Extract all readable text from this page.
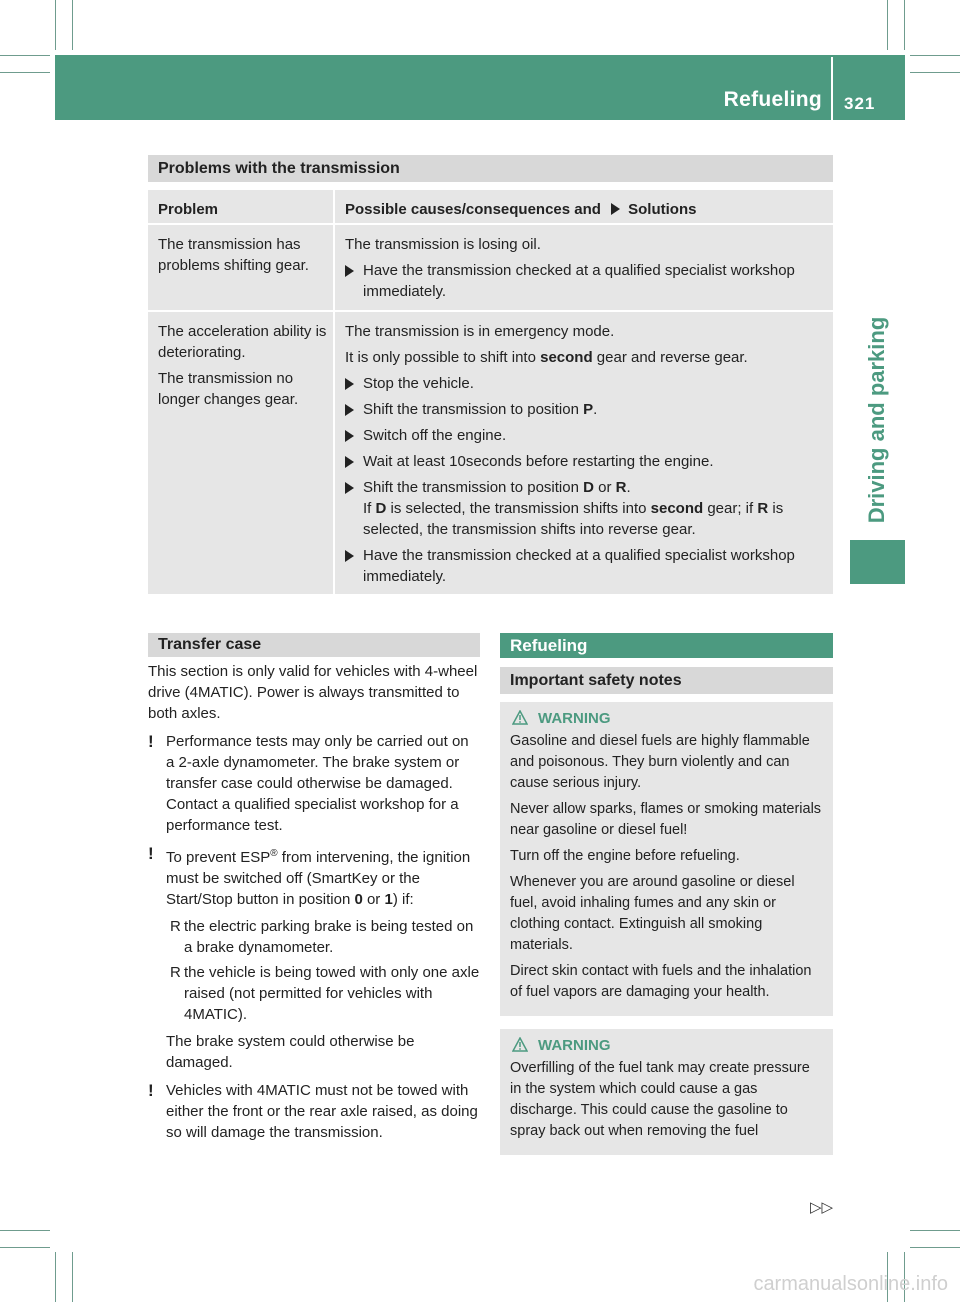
Refueling 321
Driving and parking
Problems with the transmission
Problem	Possible causes/consequences and Solutions

The transmission has problems shifting gear.

The transmission is losing oil.

Have the transmission checked at a qualified specialist workshop immediately.

The acceleration ability is deteriorating.

The transmission no longer changes gear.

The transmission is in emergency mode.

It is only possible to shift into second gear and reverse gear.

Stop the vehicle.
Shift the transmission to position P.
Switch off the engine.
Wait at least 10seconds before restarting the engine.
Shift the transmission to position D or R.
If D is selected, the transmission shifts into second gear; if R is selected, the transmission shifts into reverse gear.
Have the transmission checked at a qualified specialist workshop immediately.
Transfer case

This section is only valid for vehicles with 4-wheel drive (4MATIC). Power is always transmitted to both axles.

! Performance tests may only be carried out on a 2-axle dynamometer. The brake system or transfer case could otherwise be damaged. Contact a qualified specialist workshop for a performance test.
! To prevent ESP® from intervening, the ignition must be switched off (SmartKey or the Start/Stop button in position 0 or 1) if:
R the electric parking brake is being tested on a brake dynamometer.
R the vehicle is being towed with only one axle raised (not permitted for vehicles with 4MATIC).
The brake system could otherwise be damaged.
! Vehicles with 4MATIC must not be towed with either the front or the rear axle raised, as doing so will damage the transmission.
Refueling
Important safety notes
WARNING

Gasoline and diesel fuels are highly flammable and poisonous. They burn violently and can cause serious injury.

Never allow sparks, flames or smoking materials near gasoline or diesel fuel!

Turn off the engine before refueling.

Whenever you are around gasoline or diesel fuel, avoid inhaling fumes and any skin or clothing contact. Extinguish all smoking materials.

Direct skin contact with fuels and the inhalation of fuel vapors are damaging your health.

WARNING

Overfilling of the fuel tank may create pressure in the system which could cause a gas discharge. This could cause the gasoline to spray back out when removing the fuel

▷▷
carmanualsonline.info
